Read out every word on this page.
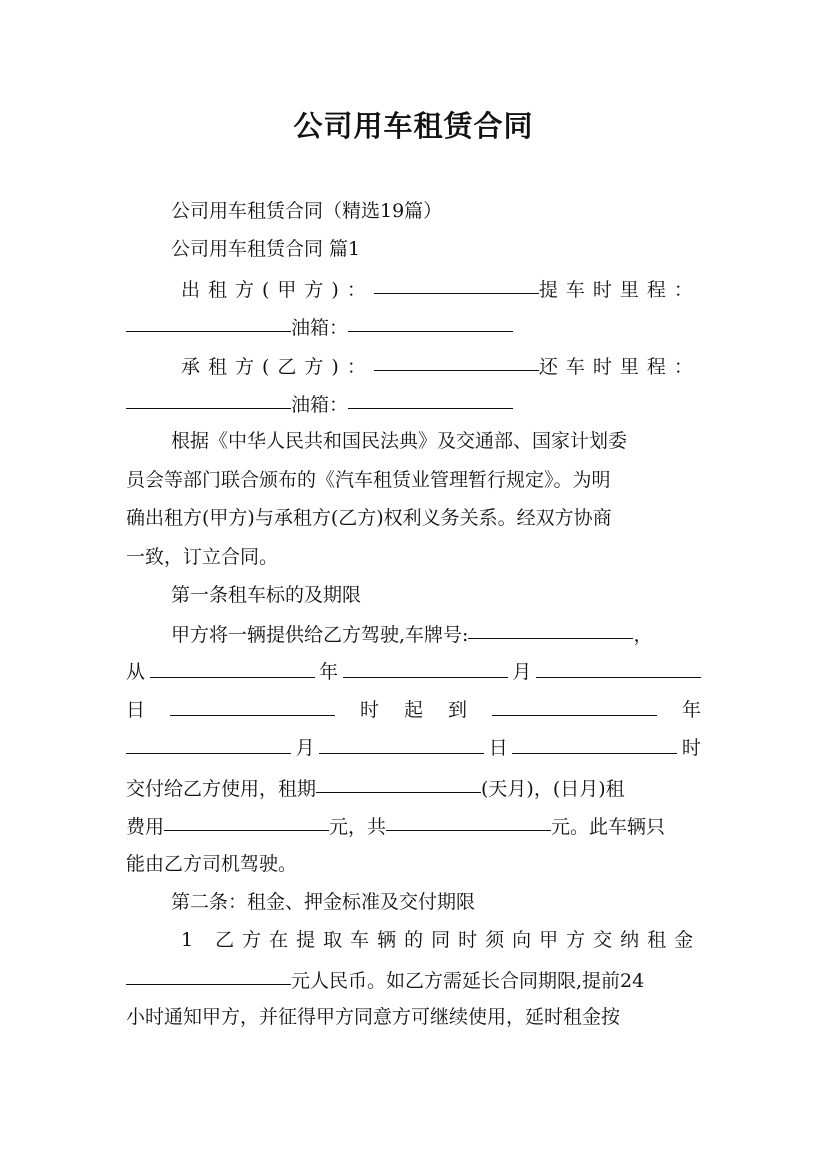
公司用车租赁合同
公司用车租赁合同（精选19篇）
公司用车租赁合同 篇1
出租方(甲方)：	提车时里程：
油箱：
承租方(乙方)：	还车时里程：
油箱：
根据《中华人民共和国民法典》及交通部、国家计划委
员会等部门联合颁布的《汽车租赁业管理暂行规定》。为明
确出租方(甲方)与承租方(乙方)权利义务关系。经双方协商
一致，订立合同。
第一条租车标的及期限
甲方将一辆提供给乙方驾驶,车牌号:	，
从	年	月
日	时 起 到	年
月	日	时
交付给乙方使用，租期	(天月)，(日月)租
费用	元，共	元。此车辆只
能由乙方司机驾驶。
第二条：租金、押金标准及交付期限
1 乙方在提取车辆的同时须向甲方交纳租金
元人民币。如乙方需延长合同期限,提前24
小时通知甲方，并征得甲方同意方可继续使用，延时租金按
